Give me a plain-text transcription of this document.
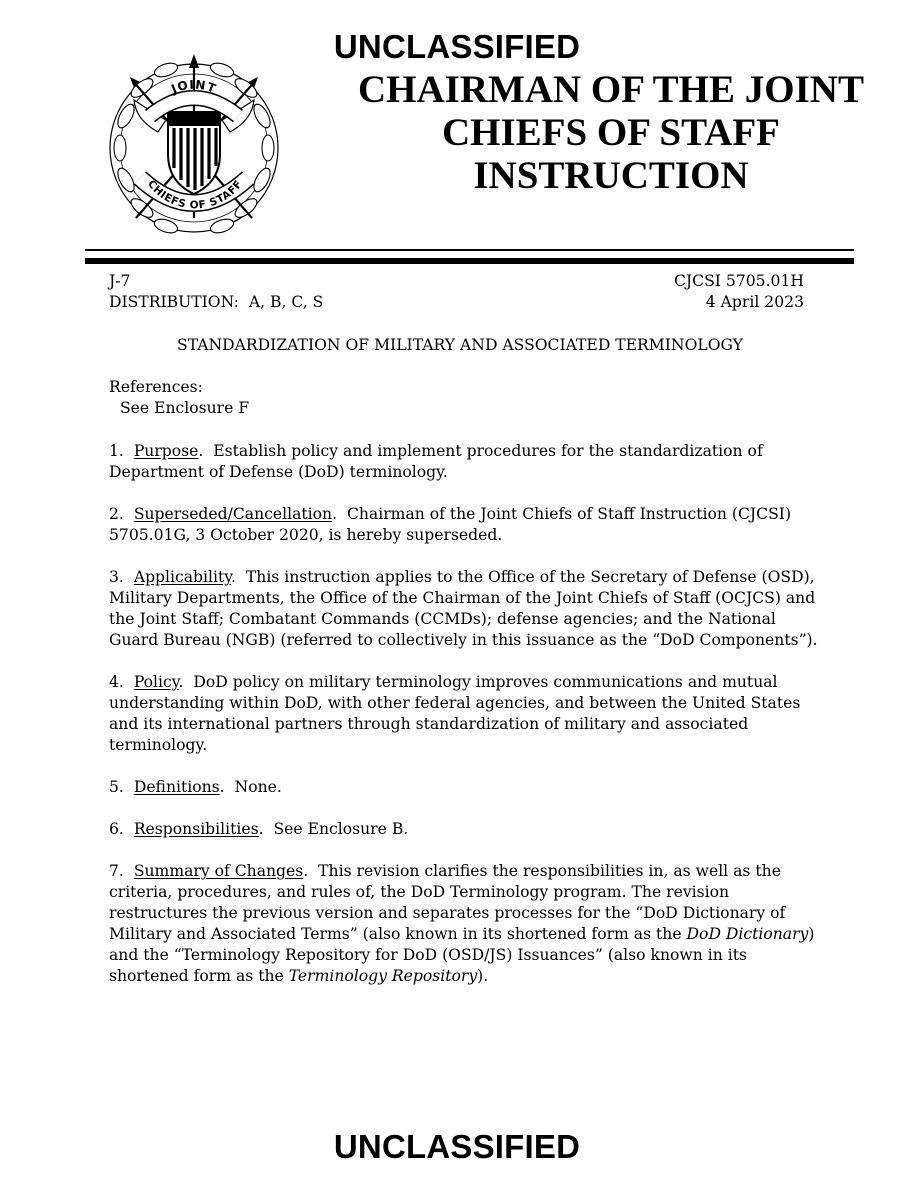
UNCLASSIFIED
JOINT
CHIEFS OF STAFF
CHAIRMAN OF THE JOINT
CHIEFS OF STAFF
INSTRUCTION
J-7	CJCSI 5705.01H
DISTRIBUTION:  A, B, C, S	4 April 2023
STANDARDIZATION OF MILITARY AND ASSOCIATED TERMINOLOGY
References:
See Enclosure F

1. Purpose.  Establish policy and implement procedures for the standardization of Department of Defense (DoD) terminology.

2. Superseded/Cancellation.  Chairman of the Joint Chiefs of Staff Instruction (CJCSI) 5705.01G, 3 October 2020, is hereby superseded.

3. Applicability.  This instruction applies to the Office of the Secretary of Defense (OSD), Military Departments, the Office of the Chairman of the Joint Chiefs of Staff (OCJCS) and the Joint Staff; Combatant Commands (CCMDs); defense agencies; and the National Guard Bureau (NGB) (referred to collectively in this issuance as the “DoD Components”).

4. Policy.  DoD policy on military terminology improves communications and mutual understanding within DoD, with other federal agencies, and between the United States and its international partners through standardization of military and associated terminology.

5. Definitions.  None.

6. Responsibilities.  See Enclosure B.

7. Summary of Changes.  This revision clarifies the responsibilities in, as well as the criteria, procedures, and rules of, the DoD Terminology program. The revision restructures the previous version and separates processes for the “DoD Dictionary of Military and Associated Terms” (also known in its shortened form as the DoD Dictionary) and the “Terminology Repository for DoD (OSD/JS) Issuances” (also known in its shortened form as the Terminology Repository).

UNCLASSIFIED
